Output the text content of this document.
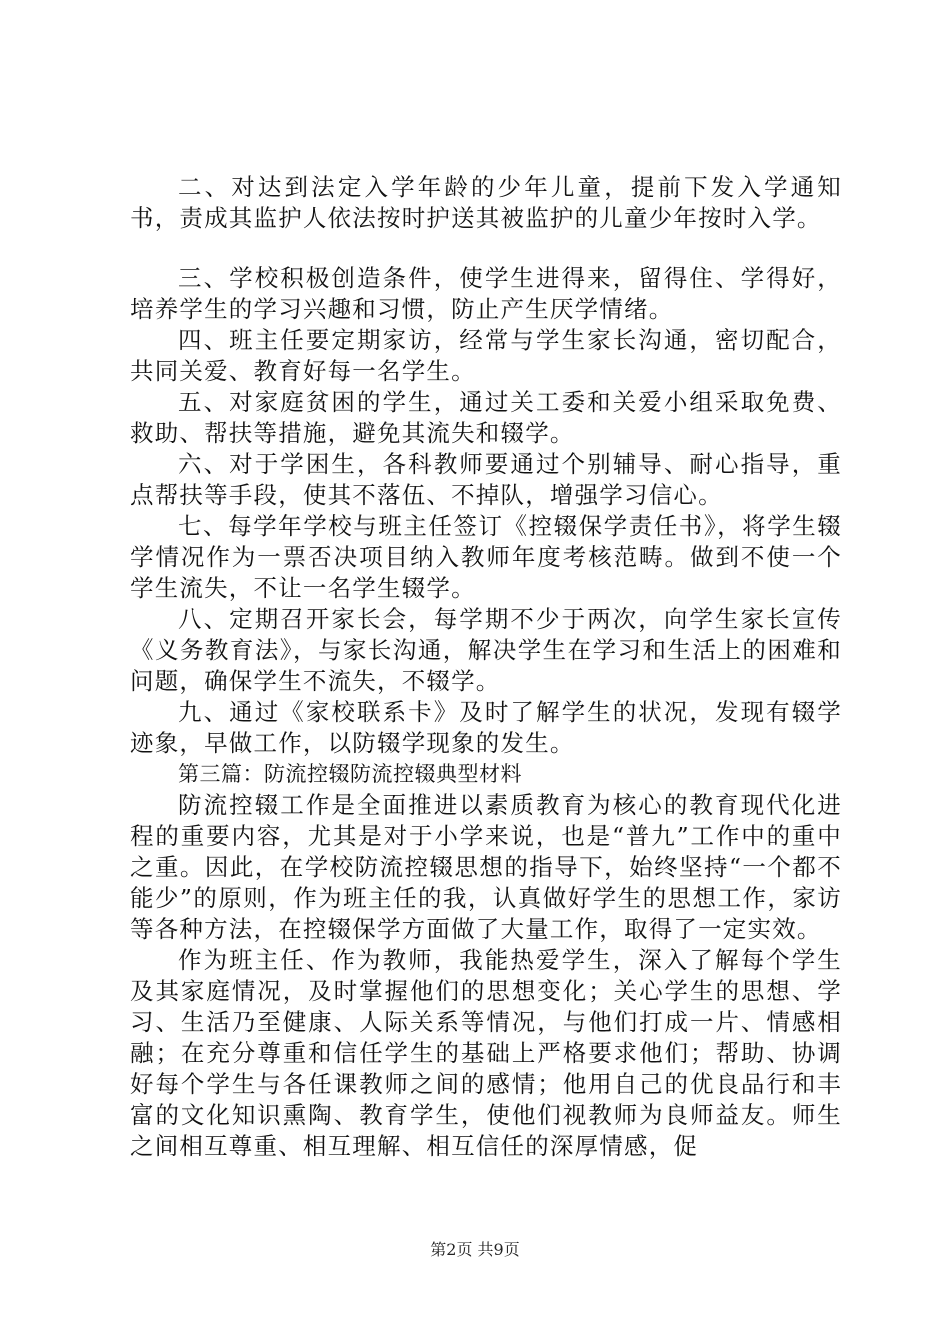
二、对达到法定入学年龄的少年儿童，提前下发入学通知书，责成其监护人依法按时护送其被监护的儿童少年按时入学。

三、学校积极创造条件，使学生进得来，留得住、学得好，培养学生的学习兴趣和习惯，防止产生厌学情绪。

四、班主任要定期家访，经常与学生家长沟通，密切配合，共同关爱、教育好每一名学生。

五、对家庭贫困的学生，通过关工委和关爱小组采取免费、救助、帮扶等措施，避免其流失和辍学。

六、对于学困生，各科教师要通过个别辅导、耐心指导，重点帮扶等手段，使其不落伍、不掉队，增强学习信心。

七、每学年学校与班主任签订《控辍保学责任书》，将学生辍学情况作为一票否决项目纳入教师年度考核范畴。做到不使一个学生流失，不让一名学生辍学。

八、定期召开家长会，每学期不少于两次，向学生家长宣传《义务教育法》，与家长沟通，解决学生在学习和生活上的困难和问题，确保学生不流失，不辍学。

九、通过《家校联系卡》及时了解学生的状况，发现有辍学迹象，早做工作，以防辍学现象的发生。

第三篇：防流控辍防流控辍典型材料

防流控辍工作是全面推进以素质教育为核心的教育现代化进程的重要内容，尤其是对于小学来说，也是“普九”工作中的重中之重。因此，在学校防流控辍思想的指导下，始终坚持“一个都不能少”的原则，作为班主任的我，认真做好学生的思想工作，家访等各种方法，在控辍保学方面做了大量工作，取得了一定实效。

作为班主任、作为教师，我能热爱学生，深入了解每个学生及其家庭情况，及时掌握他们的思想变化；关心学生的思想、学习、生活乃至健康、人际关系等情况，与他们打成一片、情感相融；在充分尊重和信任学生的基础上严格要求他们；帮助、协调好每个学生与各任课教师之间的感情；他用自己的优良品行和丰富的文化知识熏陶、教育学生，使他们视教师为良师益友。师生之间相互尊重、相互理解、相互信任的深厚情感，促

第2页 共9页
